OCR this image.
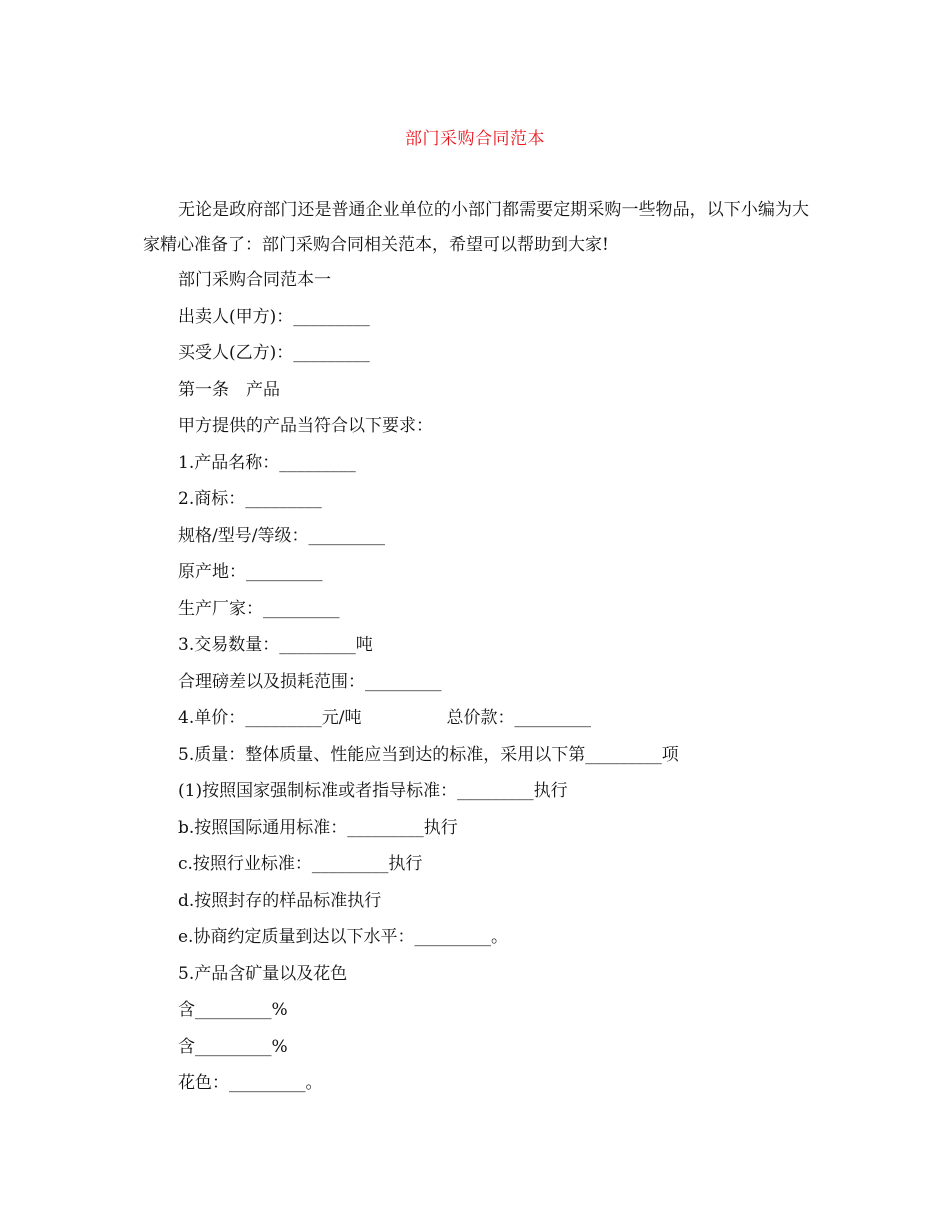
部门采购合同范本
无论是政府部门还是普通企业单位的小部门都需要定期采购一些物品，以下小编为大家精心准备了：部门采购合同相关范本，希望可以帮助到大家!
部门采购合同范本一
出卖人(甲方)：_________
买受人(乙方)：_________
第一条　产品
甲方提供的产品当符合以下要求：
1.产品名称：_________
2.商标：_________
规格/型号/等级：_________
原产地：_________
生产厂家：_________
3.交易数量：_________吨
合理磅差以及损耗范围：_________
4.单价：_________元/吨　　　　　总价款：_________
5.质量：整体质量、性能应当到达的标准，采用以下第_________项
(1)按照国家强制标准或者指导标准：_________执行
b.按照国际通用标准：_________执行
c.按照行业标准：_________执行
d.按照封存的样品标准执行
e.协商约定质量到达以下水平：_________。
5.产品含矿量以及花色
含_________%
含_________%
花色：_________。
